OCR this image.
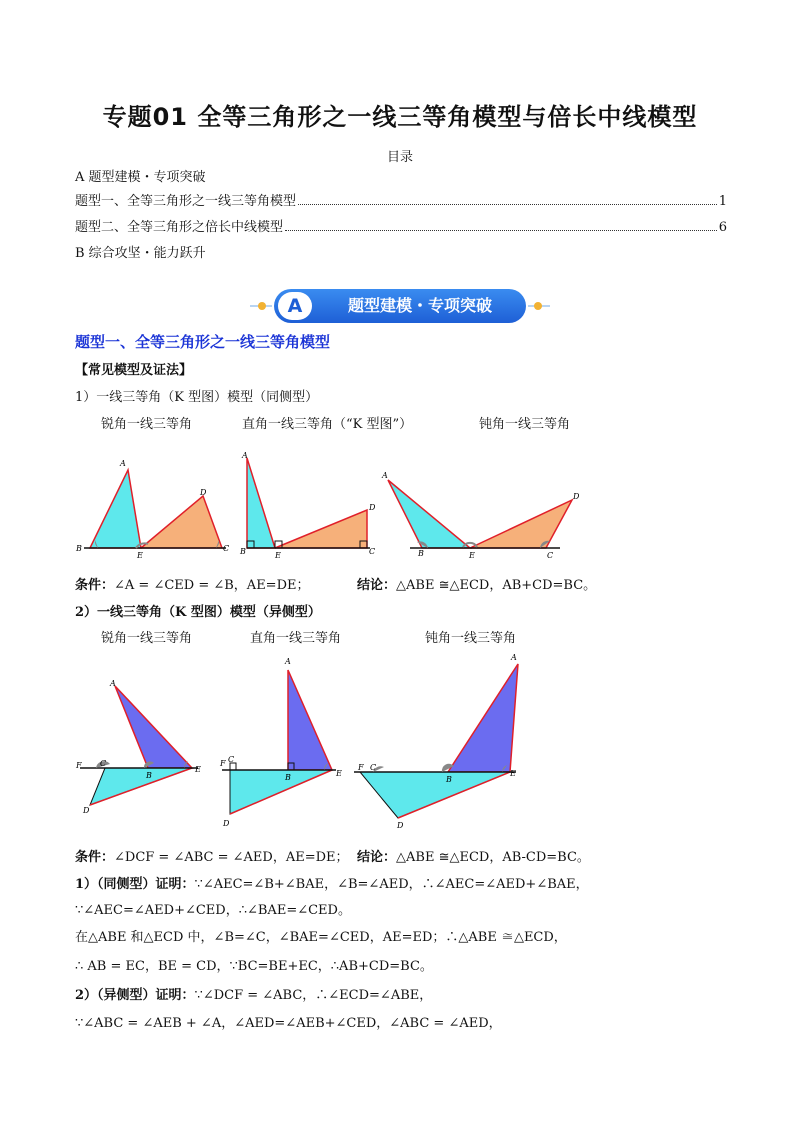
专题01 全等三角形之一线三等角模型与倍长中线模型
目录
A 题型建模・专项突破
题型一、全等三角形之一线三等角模型	1
题型二、全等三角形之倍长中线模型	6
B 综合攻坚・能力跃升
A	题型建模・专项突破
题型一、全等三角形之一线三等角模型
【常见模型及证法】
1）一线三等角（K 型图）模型（同侧型）
锐角一线三等角	直角一线三等角（“K 型图”）	钝角一线三等角
A
B
E
D
C
A
B	E
D
C
A
B	E
D
C
条件：∠A = ∠CED = ∠B，AE=DE；	结论：△ABE ≅△ECD，AB+CD=BC。
2）一线三等角（K 型图）模型（异侧型）
锐角一线三等角	直角一线三等角	钝角一线三等角
A
F C
B
E
D
A
F C
B	E
D
A
F C
B
E
D
条件：∠DCF = ∠ABC = ∠AED，AE=DE； 结论：△ABE ≅△ECD，AB-CD=BC。
1）（同侧型）证明：∵∠AEC=∠B+∠BAE，∠B=∠AED，∴∠AEC=∠AED+∠BAE，
∵∠AEC=∠AED+∠CED，∴∠BAE=∠CED。
在△ABE 和△ECD 中，∠B=∠C，∠BAE=∠CED，AE=ED；∴△ABE ≅△ECD，
∴ AB = EC，BE = CD，∵BC=BE+EC，∴AB+CD=BC。
2）（异侧型）证明：∵∠DCF = ∠ABC，∴∠ECD=∠ABE，
∵∠ABC = ∠AEB + ∠A，∠AED=∠AEB+∠CED，∠ABC = ∠AED，
